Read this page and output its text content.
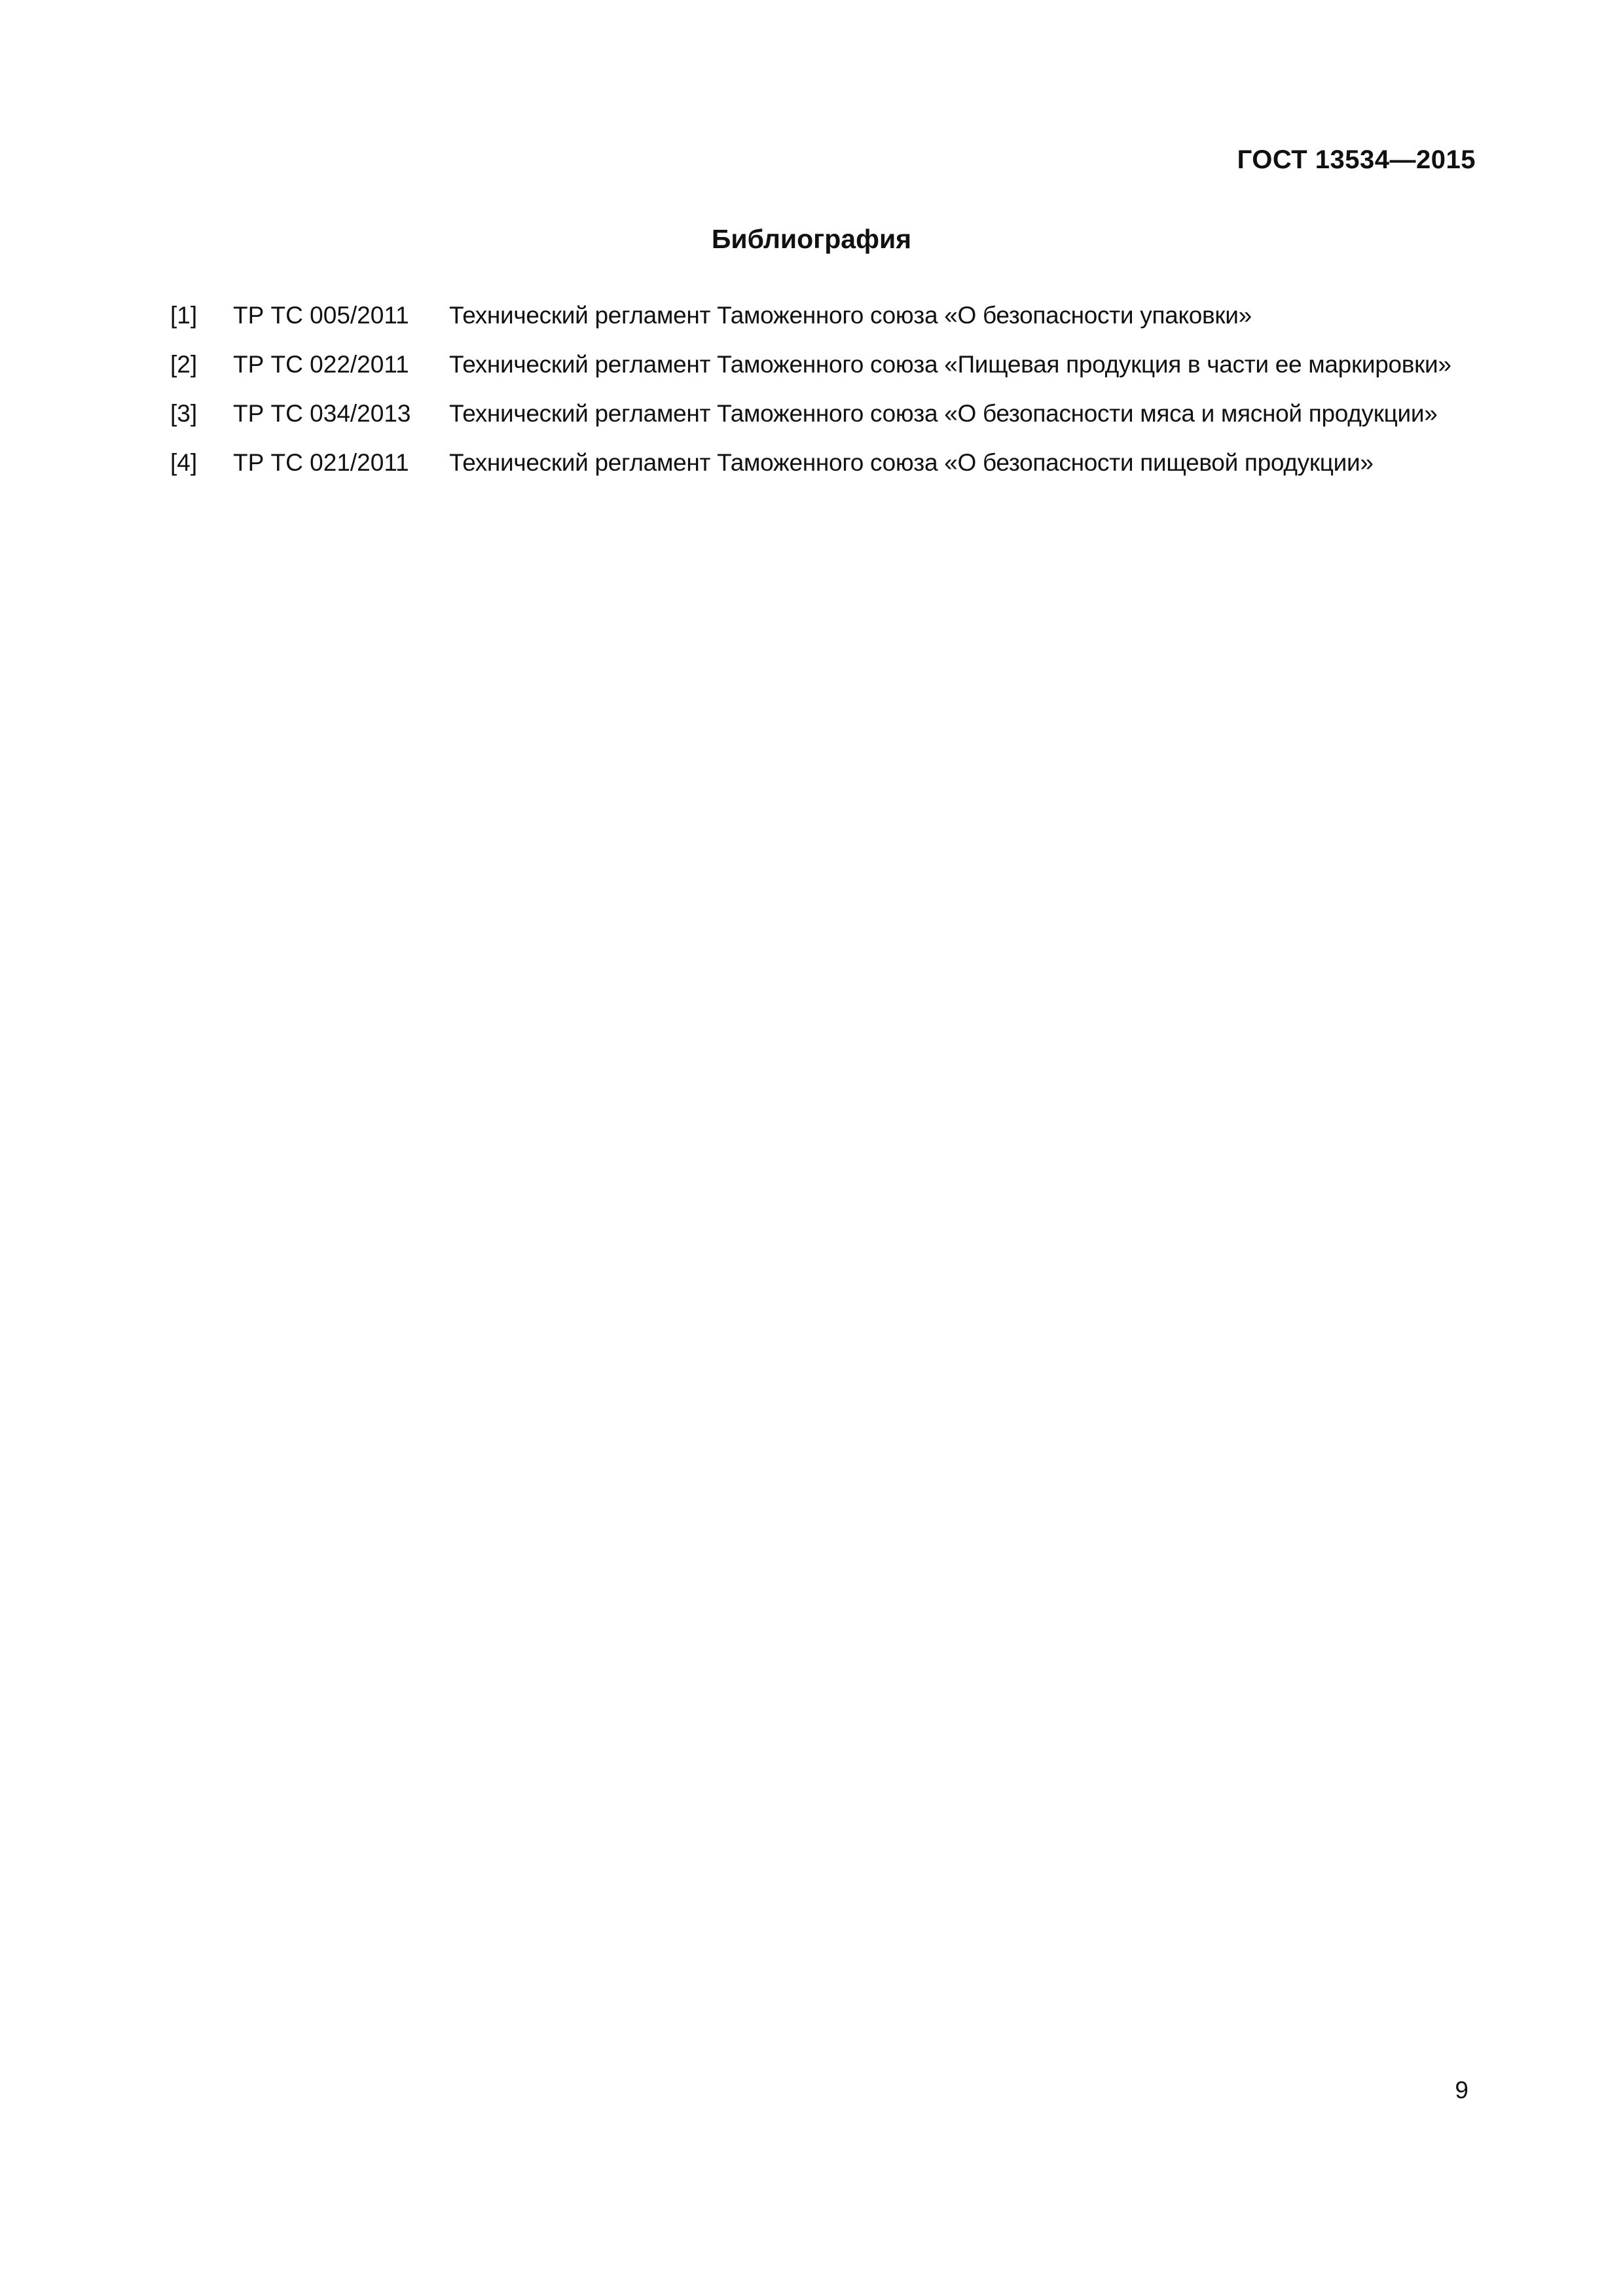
ГОСТ 13534—2015
Библиография
[1] ТР ТС 005/2011 Технический регламент Таможенного союза «О безопасности упаковки»
[2] ТР ТС 022/2011 Технический регламент Таможенного союза «Пищевая продукция в части ее маркировки»
[3] ТР ТС 034/2013 Технический регламент Таможенного союза «О безопасности мяса и мясной продукции»
[4] ТР ТС 021/2011 Технический регламент Таможенного союза «О безопасности пищевой продукции»
9
